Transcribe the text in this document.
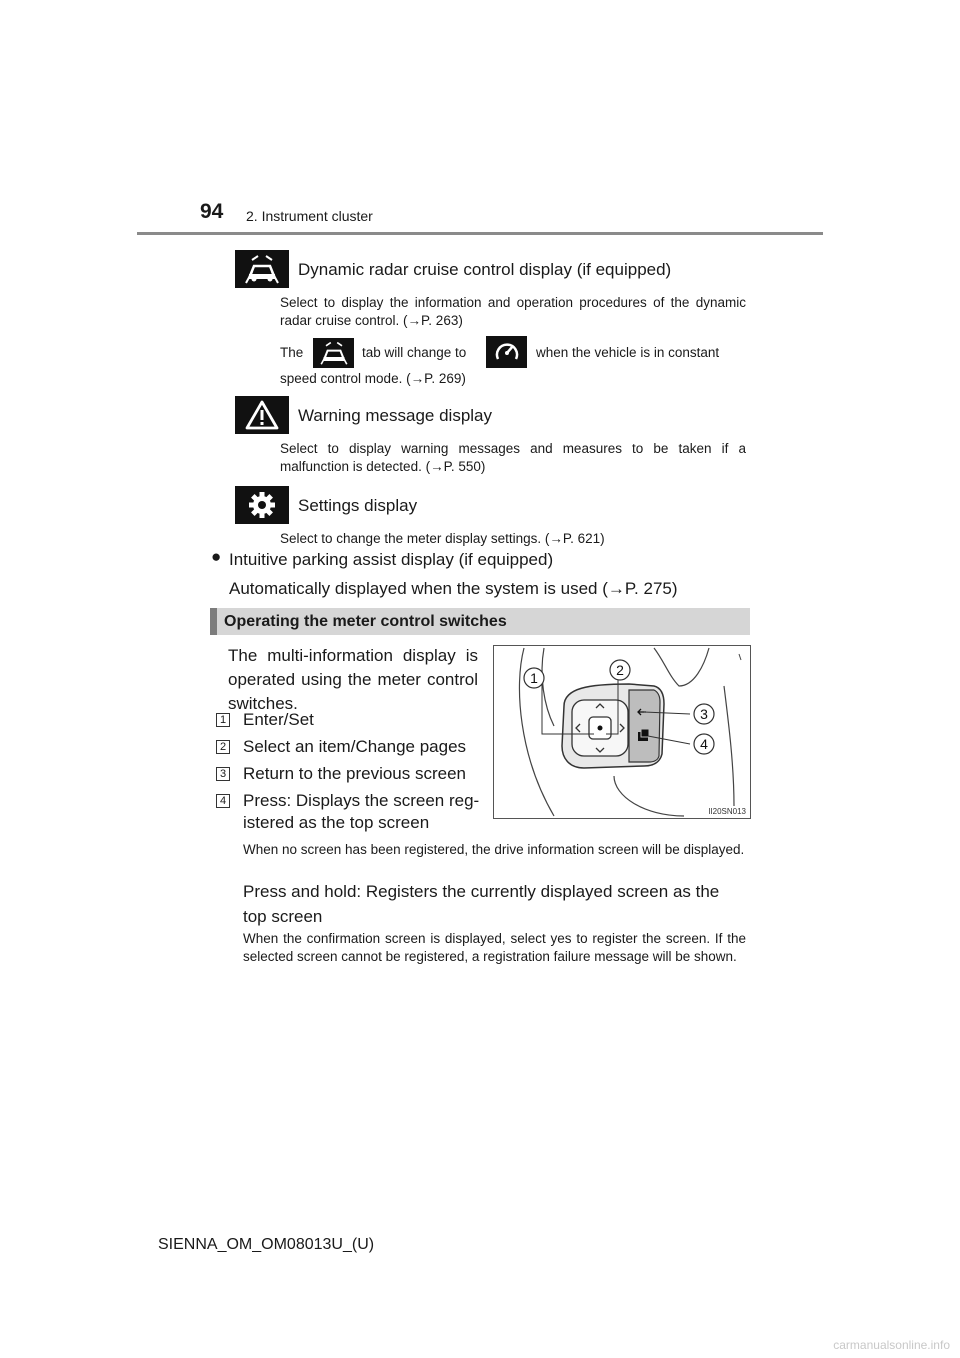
94 2. Instrument cluster
Dynamic radar cruise control display (if equipped)
Select to display the information and operation procedures of the dynamic radar cruise control. (→P. 263)
The	tab will change to	when the vehicle is in constant
speed control mode. (→P. 269)
Warning message display
Select to display warning messages and measures to be taken if a malfunction is detected. (→P. 550)
Settings display
Select to change the meter display settings. (→P. 621)
● Intuitive parking assist display (if equipped)
Automatically displayed when the system is used (→P. 275)
Operating the meter control switches
The multi-information display is
operated using the meter control
switches.
1 Enter/Set
2 Select an item/Change pages
3 Return to the previous screen
4 Press: Displays the screen reg-
istered as the top screen
1	2
3
4
II20SN013
When no screen has been registered, the drive information screen will be displayed.
Press and hold: Registers the currently displayed screen as the top screen
When the confirmation screen is displayed, select yes to register the screen. If the selected screen cannot be registered, a registration failure message will be shown.
SIENNA_OM_OM08013U_(U)
carmanualsonline.info
